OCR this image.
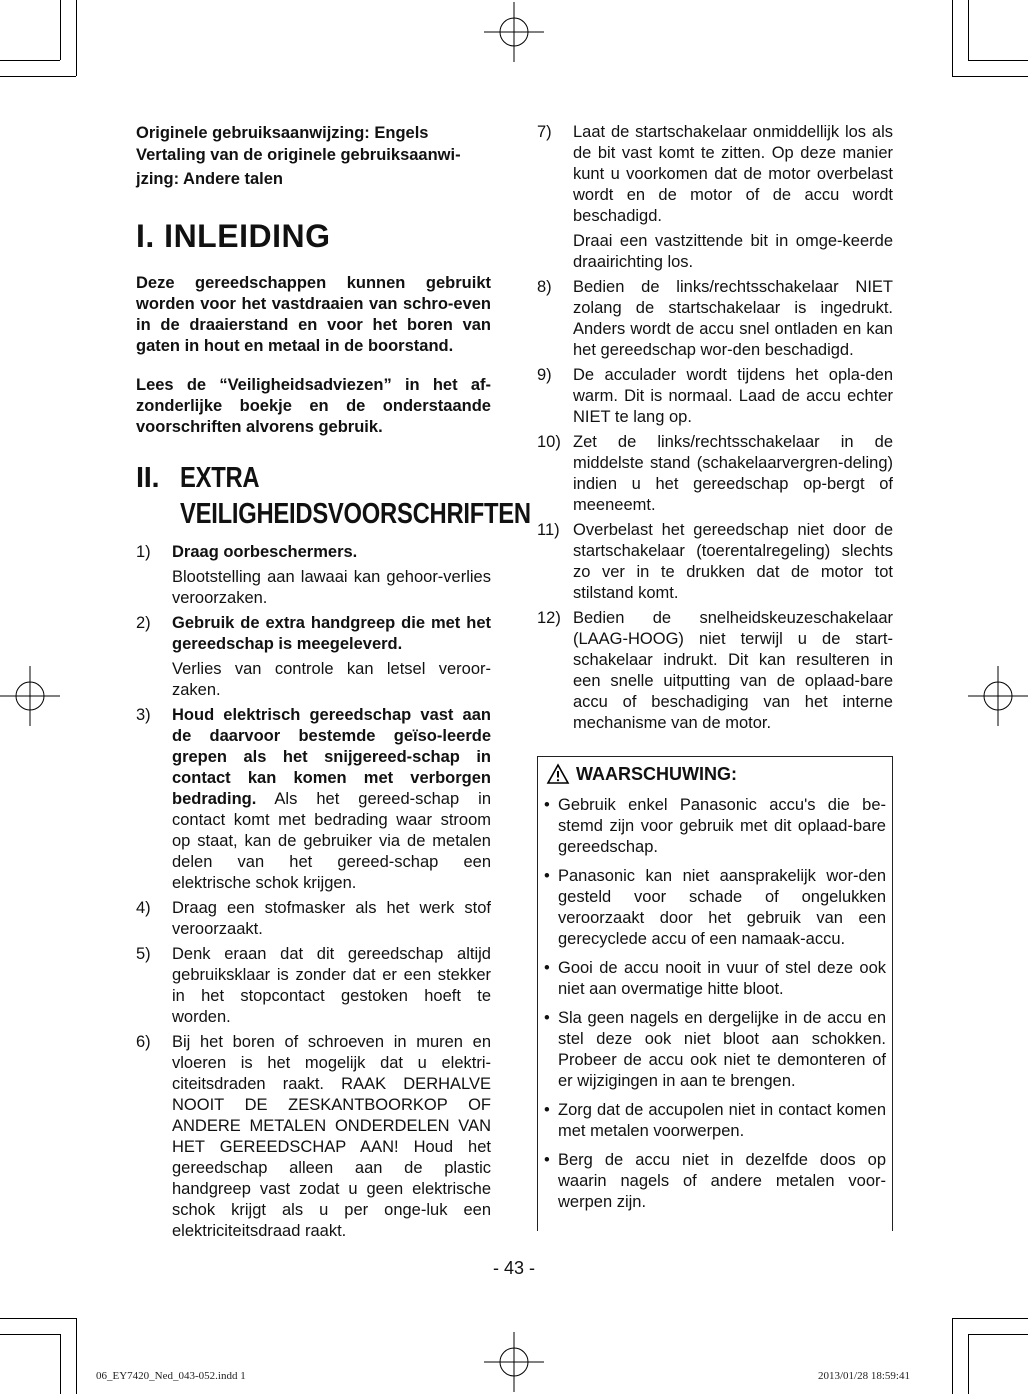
Originele gebruiksaanwijzing: Engels
Vertaling van de originele gebruiksaanwi-
jzing: Andere talen

I. INLEIDING

Deze gereedschappen kunnen gebruikt worden voor het vastdraaien van schro-even in de draaierstand en voor het boren van gaten in hout en metaal in de boorstand.

Lees de “Veiligheidsadviezen” in het af-zonderlijke boekje en de onderstaande voorschriften alvorens gebruik.

II. EXTRA
VEILIGHEIDSVOORSCHRIFTEN
1)	Draag oorbeschermers.
Blootstelling aan lawaai kan gehoor-verlies veroorzaken.
2)	Gebruik de extra handgreep die met het gereedschap is meegeleverd.
Verlies van controle kan letsel veroor-zaken.
3)	Houd elektrisch gereedschap vast aan de daarvoor bestemde geïso-leerde grepen als het snijgereed-schap in contact kan komen met verborgen bedrading. Als het gereed-schap in contact komt met bedrading waar stroom op staat, kan de gebruiker via de metalen delen van het gereed-schap een elektrische schok krijgen.
4)	Draag een stofmasker als het werk stof veroorzaakt.
5)	Denk eraan dat dit gereedschap altijd gebruiksklaar is zonder dat er een stekker in het stopcontact gestoken hoeft te worden.
6)	Bij het boren of schroeven in muren en vloeren is het mogelijk dat u elektri-citeitsdraden raakt. RAAK DERHALVE NOOIT DE ZESKANTBOORKOP OF ANDERE METALEN ONDERDELEN VAN HET GEREEDSCHAP AAN! Houd het gereedschap alleen aan de plastic handgreep vast zodat u geen elektrische schok krijgt als u per onge-luk een elektriciteitsdraad raakt.
7)	Laat de startschakelaar onmiddellijk los als de bit vast komt te zitten. Op deze manier kunt u voorkomen dat de motor overbelast wordt en de motor of de accu wordt beschadigd.
Draai een vastzittende bit in omge-keerde draairichting los.
8)	Bedien de links/rechtsschakelaar NIET zolang de startschakelaar is ingedrukt. Anders wordt de accu snel ontladen en kan het gereedschap wor-den beschadigd.
9)	De acculader wordt tijdens het opla-den warm. Dit is normaal. Laad de accu echter NIET te lang op.
10) Zet de links/rechtsschakelaar in de middelste stand (schakelaarvergren-deling) indien u het gereedschap op-bergt of meeneemt.
11) Overbelast het gereedschap niet door de startschakelaar (toerentalregeling) slechts zo ver in te drukken dat de motor tot stilstand komt.
12) Bedien de snelheidskeuzeschakelaar (LAAG-HOOG) niet terwijl u de start-schakelaar indrukt. Dit kan resulteren in een snelle uitputting van de oplaad-bare accu of beschadiging van het interne mechanisme van de motor.
WAARSCHUWING:
• Gebruik enkel Panasonic accu's die be-stemd zijn voor gebruik met dit oplaad-bare gereedschap.
• Panasonic kan niet aansprakelijk wor-den gesteld voor schade of ongelukken veroorzaakt door het gebruik van een gerecyclede accu of een namaak-accu.
• Gooi de accu nooit in vuur of stel deze ook niet aan overmatige hitte bloot.
• Sla geen nagels en dergelijke in de accu en stel deze ook niet bloot aan schokken. Probeer de accu ook niet te demonteren of er wijzigingen in aan te brengen.
• Zorg dat de accupolen niet in contact komen met metalen voorwerpen.
• Berg de accu niet in dezelfde doos op waarin nagels of andere metalen voor-werpen zijn.
- 43 -
06_EY7420_Ned_043-052.indd 1	2013/01/28 18:59:41
